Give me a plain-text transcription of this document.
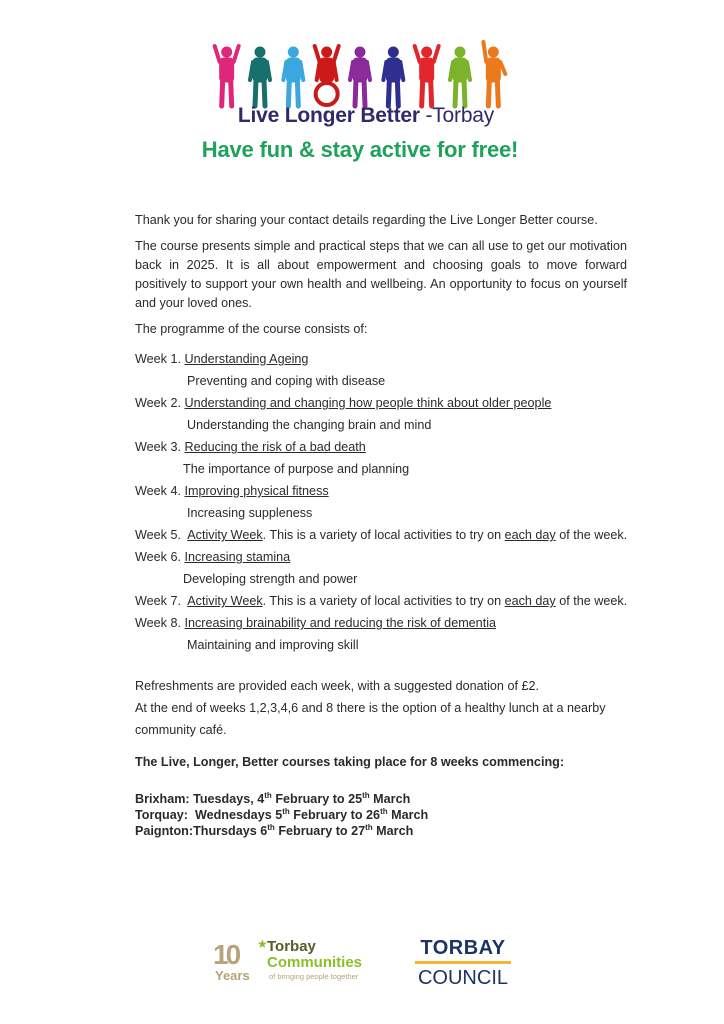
Live Longer Better -Torbay
Have fun & stay active for free!

Thank you for sharing your contact details regarding the Live Longer Better course.

The course presents simple and practical steps that we can all use to get our motivation back in 2025. It is all about empowerment and choosing goals to move forward positively to support your own health and wellbeing. An opportunity to focus on yourself and your loved ones.

The programme of the course consists of:

Week 1. Understanding Ageing
Preventing and coping with disease
Week 2. Understanding and changing how people think about older people
Understanding the changing brain and mind
Week 3. Reducing the risk of a bad death
The importance of purpose and planning
Week 4. Improving physical fitness
Increasing suppleness
Week 5.  Activity Week. This is a variety of local activities to try on each day of the week.
Week 6. Increasing stamina
Developing strength and power
Week 7.  Activity Week. This is a variety of local activities to try on each day of the week.
Week 8. Increasing brainability and reducing the risk of dementia
Maintaining and improving skill

Refreshments are provided each week, with a suggested donation of £2.

At the end of weeks 1,2,3,4,6 and 8 there is the option of a healthy lunch at a nearby community café.

The Live, Longer, Better courses taking place for 8 weeks commencing:

Brixham: Tuesdays, 4th February to 25th March
Torquay:  Wednesdays 5th February to 26th March
Paignton:Thursdays 6th February to 27th March
10 ★
Years
Torbay
Communities
of bringing people together
TORBAY
COUNCIL
